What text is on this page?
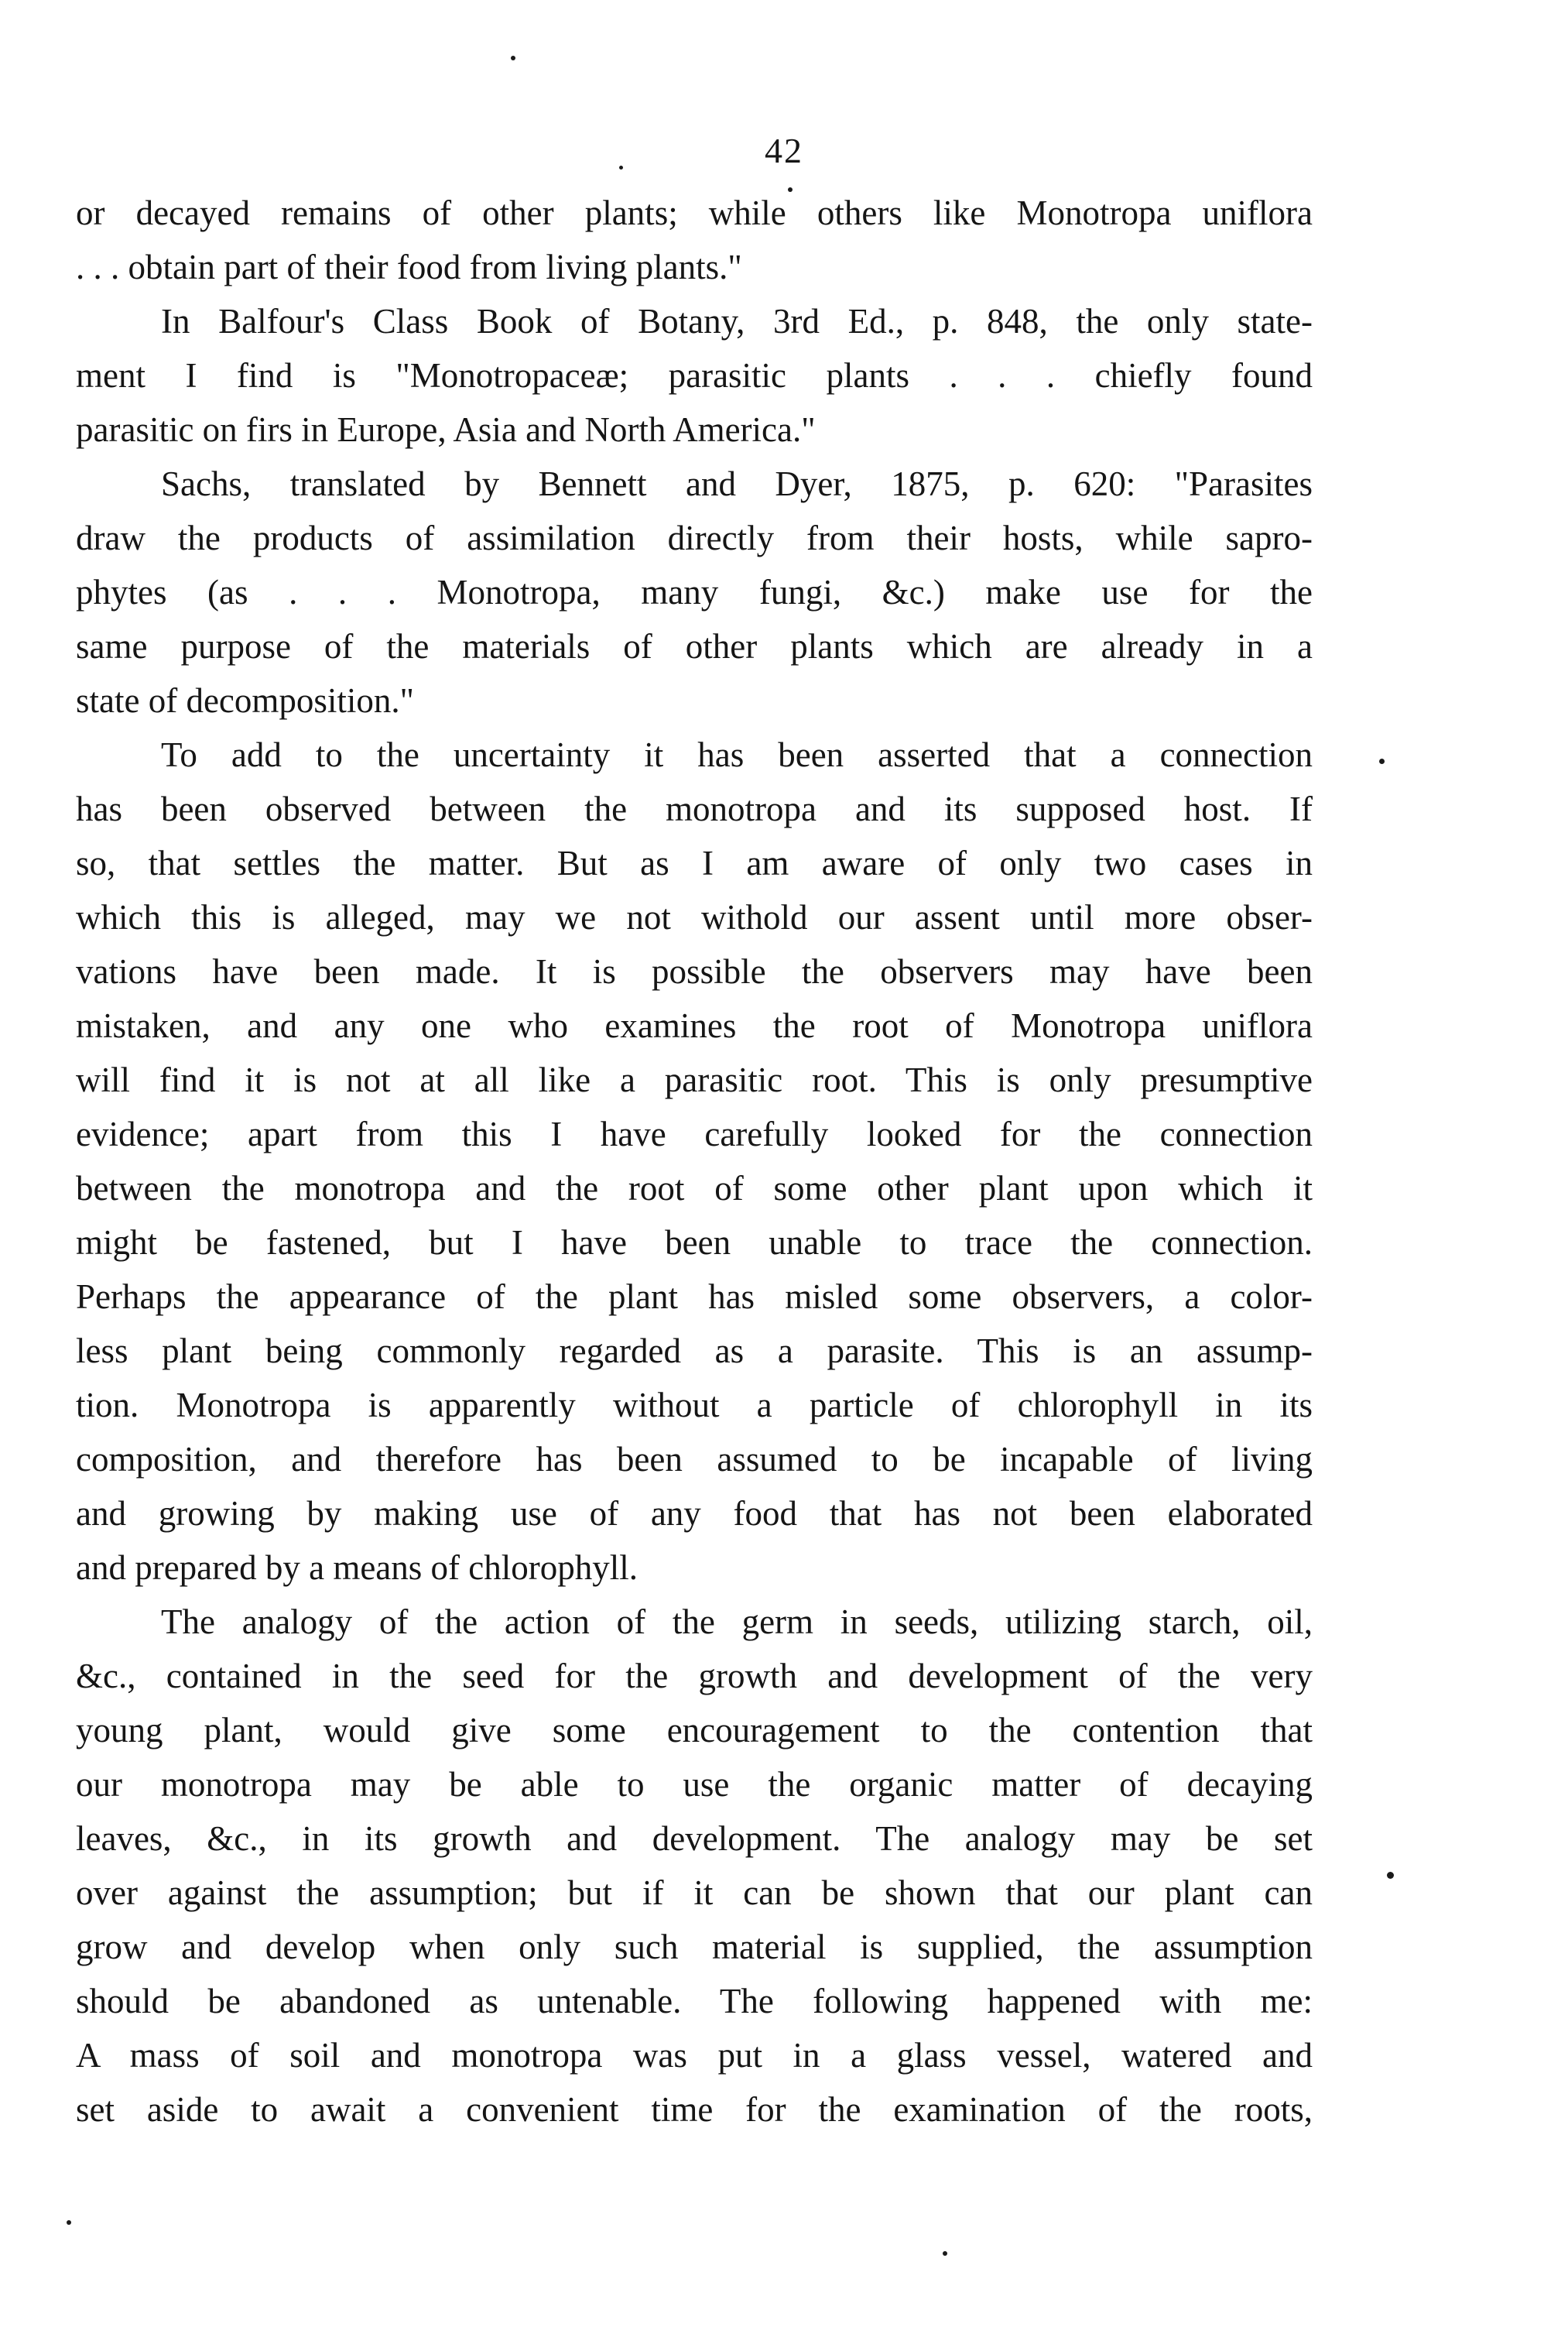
42
or decayed remains of other plants; while others like Monotropa uniflora
. . . obtain part of their food from living plants."
In Balfour's Class Book of Botany, 3rd Ed., p. 848, the only state-
ment I find is "Monotropaceæ; parasitic plants . . . chiefly found
parasitic on firs in Europe, Asia and North America."
Sachs, translated by Bennett and Dyer, 1875, p. 620: "Parasites
draw the products of assimilation directly from their hosts, while sapro-
phytes (as . . . Monotropa, many fungi, &c.) make use for the
same purpose of the materials of other plants which are already in a
state of decomposition."
To add to the uncertainty it has been asserted that a connection
has been observed between the monotropa and its supposed host. If
so, that settles the matter. But as I am aware of only two cases in
which this is alleged, may we not withold our assent until more obser-
vations have been made. It is possible the observers may have been
mistaken, and any one who examines the root of Monotropa uniflora
will find it is not at all like a parasitic root. This is only presumptive
evidence; apart from this I have carefully looked for the connection
between the monotropa and the root of some other plant upon which it
might be fastened, but I have been unable to trace the connection.
Perhaps the appearance of the plant has misled some observers, a color-
less plant being commonly regarded as a parasite. This is an assump-
tion. Monotropa is apparently without a particle of chlorophyll in its
composition, and therefore has been assumed to be incapable of living
and growing by making use of any food that has not been elaborated
and prepared by a means of chlorophyll.
The analogy of the action of the germ in seeds, utilizing starch, oil,
&c., contained in the seed for the growth and development of the very
young plant, would give some encouragement to the contention that
our monotropa may be able to use the organic matter of decaying
leaves, &c., in its growth and development. The analogy may be set
over against the assumption; but if it can be shown that our plant can
grow and develop when only such material is supplied, the assumption
should be abandoned as untenable. The following happened with me:
A mass of soil and monotropa was put in a glass vessel, watered and
set aside to await a convenient time for the examination of the roots,
